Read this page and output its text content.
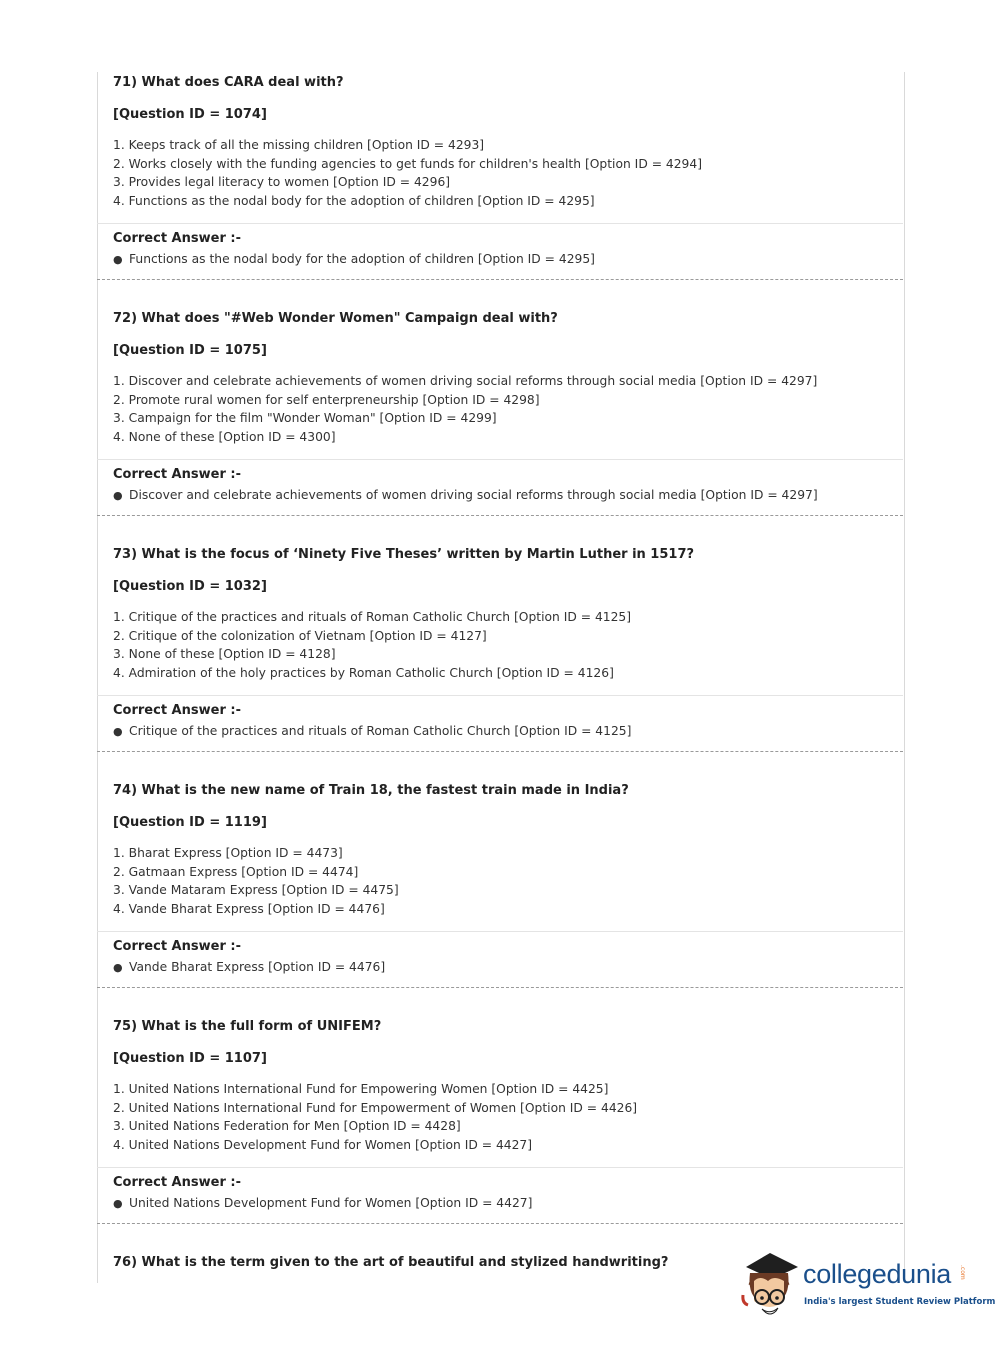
71) What does CARA deal with?
[Question ID = 1074]
1. Keeps track of all the missing children [Option ID = 4293]
2. Works closely with the funding agencies to get funds for children's health [Option ID = 4294]
3. Provides legal literacy to women [Option ID = 4296]
4. Functions as the nodal body for the adoption of children [Option ID = 4295]
Correct Answer :-
● Functions as the nodal body for the adoption of children [Option ID = 4295]
72) What does "#Web Wonder Women" Campaign deal with?
[Question ID = 1075]
1. Discover and celebrate achievements of women driving social reforms through social media [Option ID = 4297]
2. Promote rural women for self enterpreneurship [Option ID = 4298]
3. Campaign for the film "Wonder Woman" [Option ID = 4299]
4. None of these [Option ID = 4300]
Correct Answer :-
● Discover and celebrate achievements of women driving social reforms through social media [Option ID = 4297]
73) What is the focus of ‘Ninety Five Theses’ written by Martin Luther in 1517?
[Question ID = 1032]
1. Critique of the practices and rituals of Roman Catholic Church [Option ID = 4125]
2. Critique of the colonization of Vietnam [Option ID = 4127]
3. None of these [Option ID = 4128]
4. Admiration of the holy practices by Roman Catholic Church [Option ID = 4126]
Correct Answer :-
● Critique of the practices and rituals of Roman Catholic Church [Option ID = 4125]
74) What is the new name of Train 18, the fastest train made in India?
[Question ID = 1119]
1. Bharat Express [Option ID = 4473]
2. Gatmaan Express [Option ID = 4474]
3. Vande Mataram Express [Option ID = 4475]
4. Vande Bharat Express [Option ID = 4476]
Correct Answer :-
● Vande Bharat Express [Option ID = 4476]
75) What is the full form of UNIFEM?
[Question ID = 1107]
1. United Nations International Fund for Empowering Women [Option ID = 4425]
2. United Nations International Fund for Empowerment of Women [Option ID = 4426]
3. United Nations Federation for Men [Option ID = 4428]
4. United Nations Development Fund for Women [Option ID = 4427]
Correct Answer :-
● United Nations Development Fund for Women [Option ID = 4427]
76) What is the term given to the art of beautiful and stylized handwriting?	collegedunia .com
India's largest Student Review Platform
